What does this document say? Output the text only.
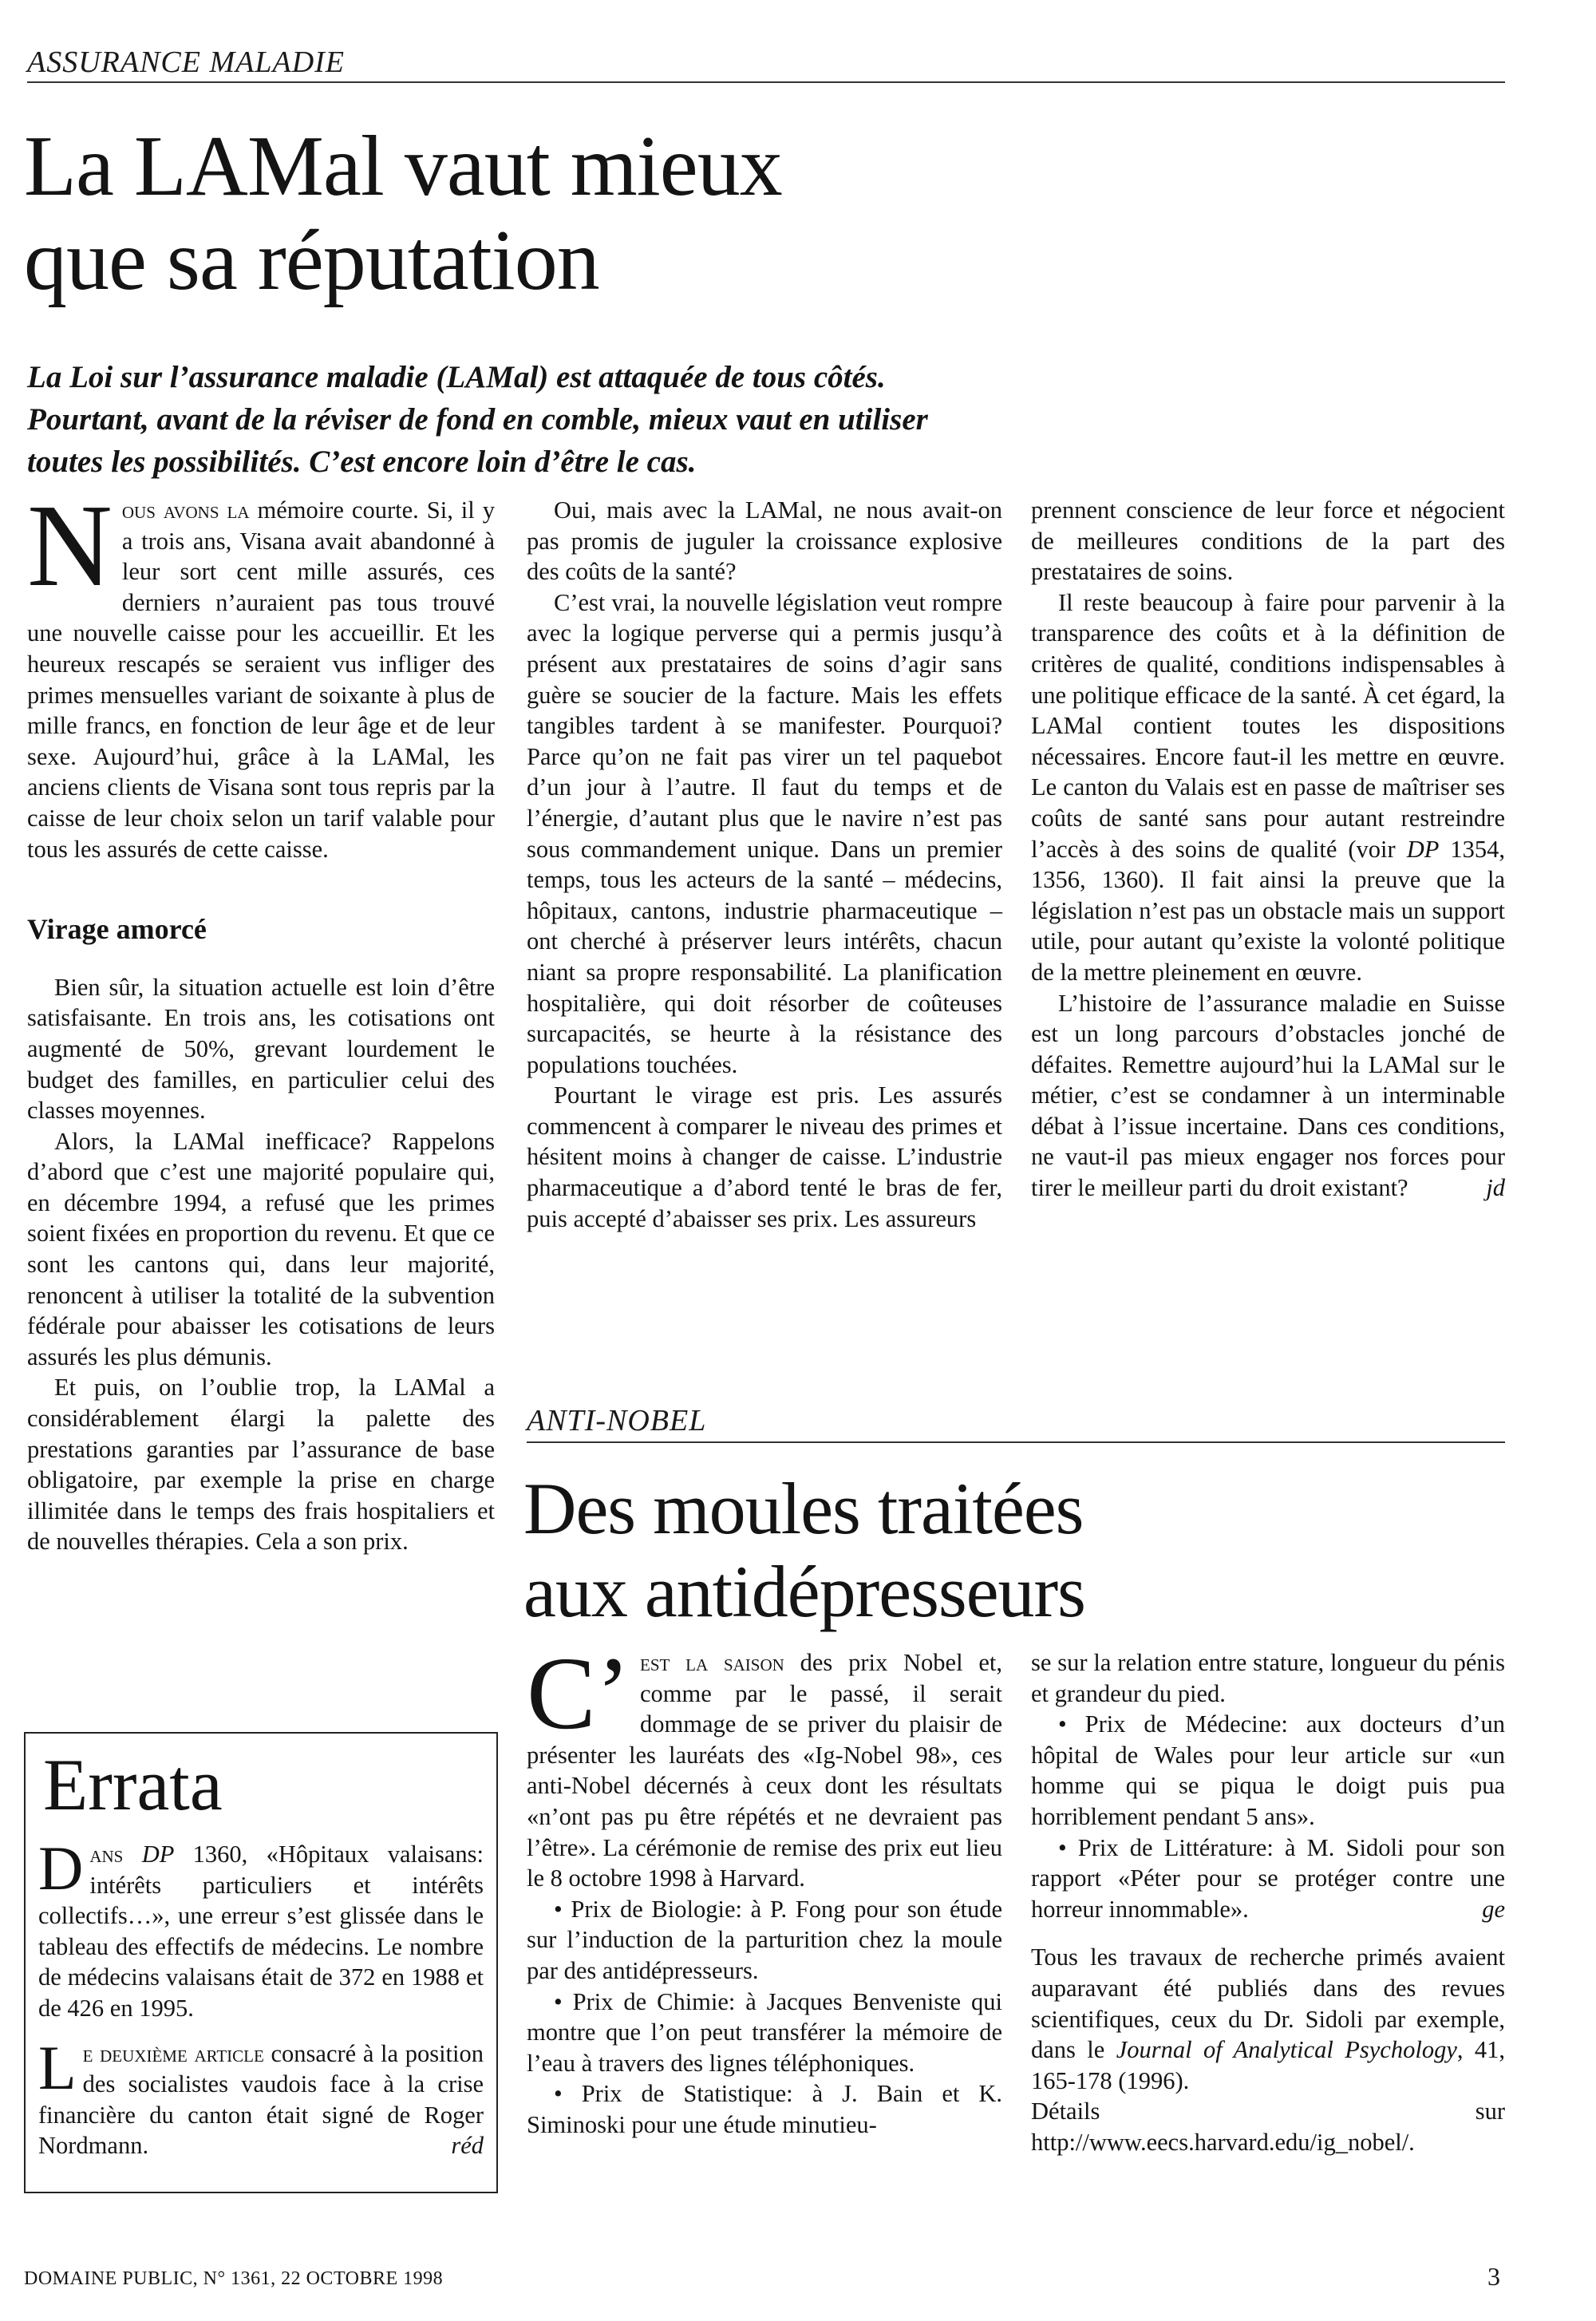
ASSURANCE MALADIE
La LAMal vaut mieux
que sa réputation
La Loi sur l’assurance maladie (LAMal) est attaquée de tous côtés.
Pourtant, avant de la réviser de fond en comble, mieux vaut en utiliser
toutes les possibilités. C’est encore loin d’être le cas.

Nous avons la mémoire courte. Si, il y a trois ans, Visana avait abandonné à leur sort cent mille assurés, ces derniers n’auraient pas tous trouvé une nouvelle caisse pour les accueillir. Et les heureux rescapés se seraient vus infliger des primes mensuelles variant de soixante à plus de mille francs, en fonction de leur âge et de leur sexe. Aujourd’hui, grâce à la LAMal, les anciens clients de Visana sont tous repris par la caisse de leur choix selon un tarif valable pour tous les assurés de cette caisse.

Virage amorcé

Bien sûr, la situation actuelle est loin d’être satisfaisante. En trois ans, les cotisations ont augmenté de 50%, grevant lourdement le budget des familles, en particulier celui des classes moyennes.

Alors, la LAMal inefficace? Rappelons d’abord que c’est une majorité populaire qui, en décembre 1994, a refusé que les primes soient fixées en proportion du revenu. Et que ce sont les cantons qui, dans leur majorité, renoncent à utiliser la totalité de la subvention fédérale pour abaisser les cotisations de leurs assurés les plus démunis.

Et puis, on l’oublie trop, la LAMal a considérablement élargi la palette des prestations garanties par l’assurance de base obligatoire, par exemple la prise en charge illimitée dans le temps des frais hospitaliers et de nouvelles thérapies. Cela a son prix.

Oui, mais avec la LAMal, ne nous avait-on pas promis de juguler la croissance explosive des coûts de la santé?

C’est vrai, la nouvelle législation veut rompre avec la logique perverse qui a permis jusqu’à présent aux prestataires de soins d’agir sans guère se soucier de la facture. Mais les effets tangibles tardent à se manifester. Pourquoi? Parce qu’on ne fait pas virer un tel paquebot d’un jour à l’autre. Il faut du temps et de l’énergie, d’autant plus que le navire n’est pas sous commandement unique. Dans un premier temps, tous les acteurs de la santé – médecins, hôpitaux, cantons, industrie pharmaceutique – ont cherché à préserver leurs intérêts, chacun niant sa propre responsabilité. La planification hospitalière, qui doit résorber de coûteuses surcapacités, se heurte à la résistance des populations touchées.

Pourtant le virage est pris. Les assurés commencent à comparer le niveau des primes et hésitent moins à changer de caisse. L’industrie pharmaceutique a d’abord tenté le bras de fer, puis accepté d’abaisser ses prix. Les assureurs

prennent conscience de leur force et négocient de meilleures conditions de la part des prestataires de soins.

Il reste beaucoup à faire pour parvenir à la transparence des coûts et à la définition de critères de qualité, conditions indispensables à une politique efficace de la santé. À cet égard, la LAMal contient toutes les dispositions nécessaires. Encore faut-il les mettre en œuvre. Le canton du Valais est en passe de maîtriser ses coûts de santé sans pour autant restreindre l’accès à des soins de qualité (voir DP 1354, 1356, 1360). Il fait ainsi la preuve que la législation n’est pas un obstacle mais un support utile, pour autant qu’existe la volonté politique de la mettre pleinement en œuvre.

L’histoire de l’assurance maladie en Suisse est un long parcours d’obstacles jonché de défaites. Remettre aujourd’hui la LAMal sur le métier, c’est se condamner à un interminable débat à l’issue incertaine. Dans ces conditions, ne vaut-il pas mieux engager nos forces pour tirer le meilleur parti du droit existant?	jd

Errata

Dans DP 1360, «Hôpitaux valaisans: intérêts particuliers et intérêts collectifs…», une erreur s’est glissée dans le tableau des effectifs de médecins. Le nombre de médecins valaisans était de 372 en 1988 et de 426 en 1995.

Le deuxième article consacré à la position des socialistes vaudois face à la crise financière du canton était signé de Roger Nordmann.	réd

ANTI-NOBEL
Des moules traitées
aux antidépresseurs

C’ est la saison des prix Nobel et, comme par le passé, il serait dommage de se priver du plaisir de présenter les lauréats des «Ig-Nobel 98», ces anti-Nobel décernés à ceux dont les résultats «n’ont pas pu être répétés et ne devraient pas l’être». La cérémonie de remise des prix eut lieu le 8 octobre 1998 à Harvard.

• Prix de Biologie: à P. Fong pour son étude sur l’induction de la parturition chez la moule par des antidépresseurs.

• Prix de Chimie: à Jacques Benveniste qui montre que l’on peut transférer la mémoire de l’eau à travers des lignes téléphoniques.

• Prix de Statistique: à J. Bain et K. Siminoski pour une étude minutieu-

se sur la relation entre stature, longueur du pénis et grandeur du pied.

• Prix de Médecine: aux docteurs d’un hôpital de Wales pour leur article sur «un homme qui se piqua le doigt puis pua horriblement pendant 5 ans».

• Prix de Littérature: à M. Sidoli pour son rapport «Péter pour se protéger contre une horreur innommable».	ge

Tous les travaux de recherche primés avaient auparavant été publiés dans des revues scientifiques, ceux du Dr. Sidoli par exemple, dans le Journal of Analytical Psychology, 41, 165-178 (1996).

Détails sur http://www.eecs.harvard.edu/ig_nobel/.

DOMAINE PUBLIC, N° 1361, 22 OCTOBRE 1998	3
